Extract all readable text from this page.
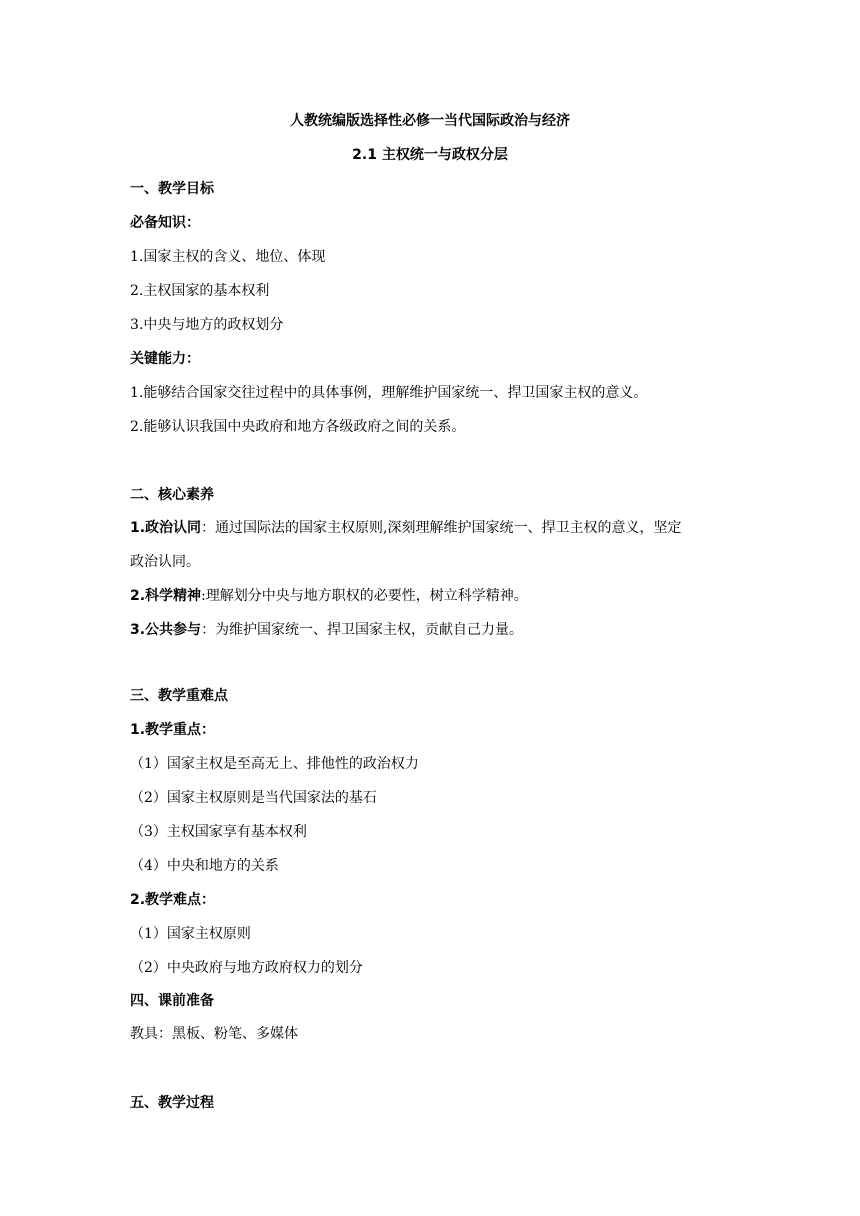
人教统编版选择性必修一当代国际政治与经济
2.1 主权统一与政权分层
一、教学目标
必备知识：
1.国家主权的含义、地位、体现
2.主权国家的基本权利
3.中央与地方的政权划分
关键能力：
1.能够结合国家交往过程中的具体事例，理解维护国家统一、捍卫国家主权的意义。
2.能够认识我国中央政府和地方各级政府之间的关系。
二、核心素养
1.政治认同：通过国际法的国家主权原则,深刻理解维护国家统一、捍卫主权的意义，坚定
政治认同。
2.科学精神:理解划分中央与地方职权的必要性，树立科学精神。
3.公共参与：为维护国家统一、捍卫国家主权，贡献自己力量。
三、教学重难点
1.教学重点：
（1）国家主权是至高无上、排他性的政治权力
（2）国家主权原则是当代国家法的基石
（3）主权国家享有基本权利
（4）中央和地方的关系
2.教学难点：
（1）国家主权原则
（2）中央政府与地方政府权力的划分
四、课前准备
教具：黑板、粉笔、多媒体
五、教学过程
